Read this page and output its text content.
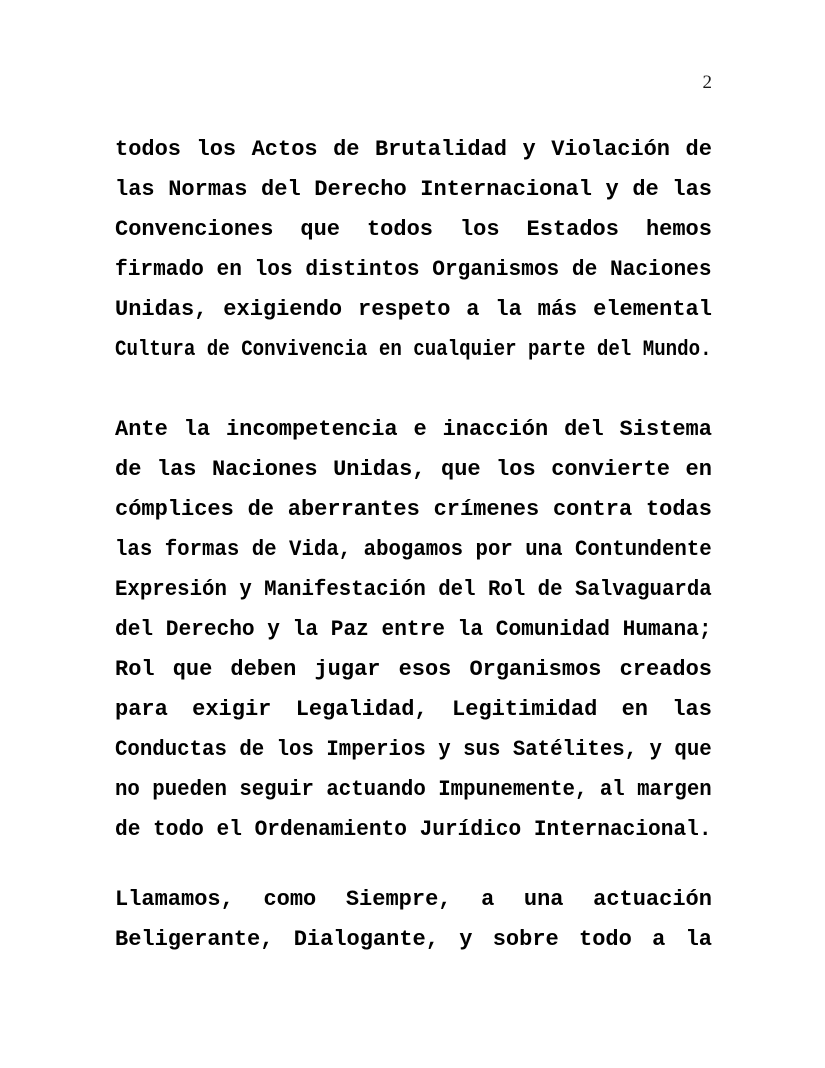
2
todos los Actos de Brutalidad y Violación de
las Normas del Derecho Internacional y de las
Convenciones que todos los Estados hemos
firmado en los distintos Organismos de Naciones
Unidas, exigiendo respeto a la más elemental
Cultura de Convivencia en cualquier parte del Mundo.
Ante la incompetencia e inacción del Sistema
de las Naciones Unidas, que los convierte en
cómplices de aberrantes crímenes contra todas
las formas de Vida, abogamos por una Contundente
Expresión y Manifestación del Rol de Salvaguarda
del Derecho y la Paz entre la Comunidad Humana;
Rol que deben jugar esos Organismos creados
para exigir Legalidad, Legitimidad en las
Conductas de los Imperios y sus Satélites, y que
no pueden seguir actuando Impunemente, al margen
de todo el Ordenamiento Jurídico Internacional.
Llamamos, como Siempre, a una actuación
Beligerante, Dialogante, y sobre todo a la
